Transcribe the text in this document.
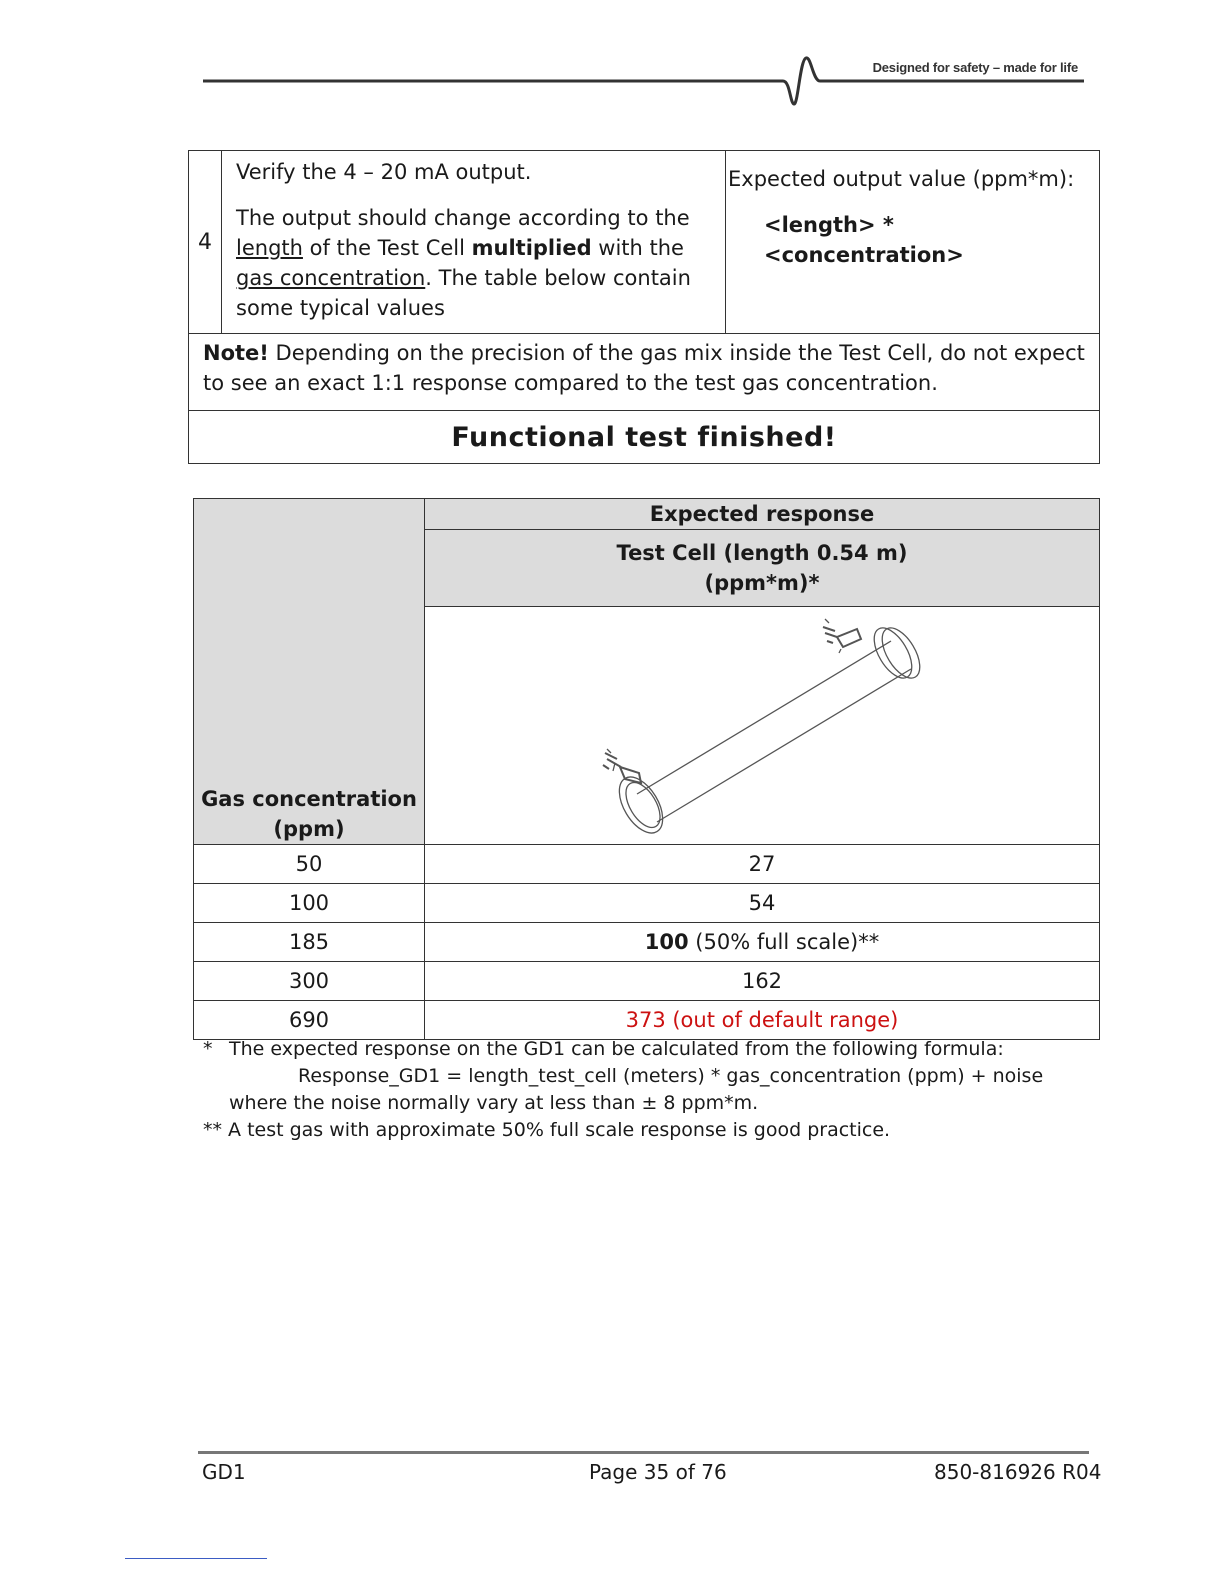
Designed for safety – made for life
4	

Verify the 4 – 20 mA output.

The output should change according to the length of the Test Cell multiplied with the gas concentration. The table below contain some typical values

Expected output value (ppm*m):
<length> * <concentration>

Note! Depending on the precision of the gas mix inside the Test Cell, do not expect to see an exact 1:1 response compared to the test gas concentration.
Functional test finished!
Gas concentration
(ppm)	Expected response

	Test Cell (length 0.54 m)
(ppm*m)*

50	27
100	54
185	100 (50% full scale)**
300	162
690	373 (out of default range)
* The expected response on the GD1 can be calculated from the following formula:
Response_GD1 = length_test_cell (meters) * gas_concentration (ppm) + noise
where the noise normally vary at less than ± 8 ppm*m.
** A test gas with approximate 50% full scale response is good practice.
GD1	Page 35 of 76	850-816926 R04
